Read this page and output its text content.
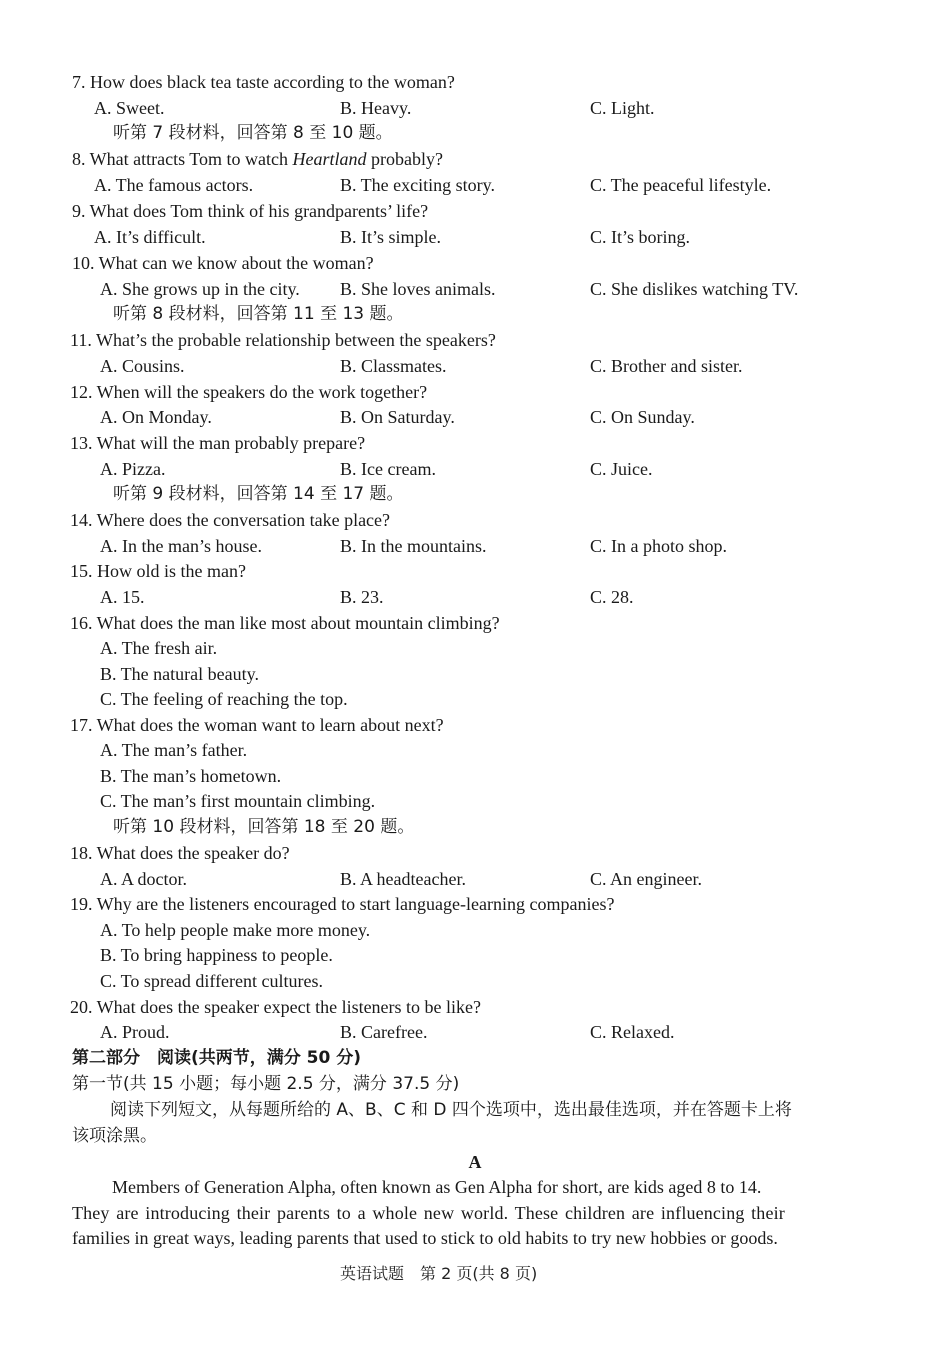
7. How does black tea taste according to the woman?
A. Sweet.	B. Heavy.	C. Light.
听第 7 段材料，回答第 8 至 10 题。
8. What attracts Tom to watch Heartland probably?
A. The famous actors.	B. The exciting story.	C. The peaceful lifestyle.
9. What does Tom think of his grandparents’ life?
A. It’s difficult.	B. It’s simple.	C. It’s boring.
10. What can we know about the woman?
A. She grows up in the city. B. She loves animals.	C. She dislikes watching TV.
听第 8 段材料，回答第 11 至 13 题。
11. What’s the probable relationship between the speakers?
A. Cousins.	B. Classmates.	C. Brother and sister.
12. When will the speakers do the work together?
A. On Monday.	B. On Saturday.	C. On Sunday.
13. What will the man probably prepare?
A. Pizza.	B. Ice cream.	C. Juice.
听第 9 段材料，回答第 14 至 17 题。
14. Where does the conversation take place?
A. In the man’s house.	B. In the mountains.	C. In a photo shop.
15. How old is the man?
A. 15.	B. 23.	C. 28.
16. What does the man like most about mountain climbing?
A. The fresh air.
B. The natural beauty.
C. The feeling of reaching the top.
17. What does the woman want to learn about next?
A. The man’s father.
B. The man’s hometown.
C. The man’s first mountain climbing.
听第 10 段材料，回答第 18 至 20 题。
18. What does the speaker do?
A. A doctor.	B. A headteacher.	C. An engineer.
19. Why are the listeners encouraged to start language-learning companies?
A. To help people make more money.
B. To bring happiness to people.
C. To spread different cultures.
20. What does the speaker expect the listeners to be like?
A. Proud.	B. Carefree.	C. Relaxed.
第二部分　阅读(共两节，满分 50 分)
第一节(共 15 小题；每小题 2.5 分，满分 37.5 分)
阅读下列短文，从每题所给的 A、B、C 和 D 四个选项中，选出最佳选项，并在答题卡上将
该项涂黑。
A
Members of Generation Alpha, often known as Gen Alpha for short, are kids aged 8 to 14.
They are introducing their parents to a whole new world. These children are influencing their
families in great ways, leading parents that used to stick to old habits to try new hobbies or goods.
英语试题　第 2 页(共 8 页)
